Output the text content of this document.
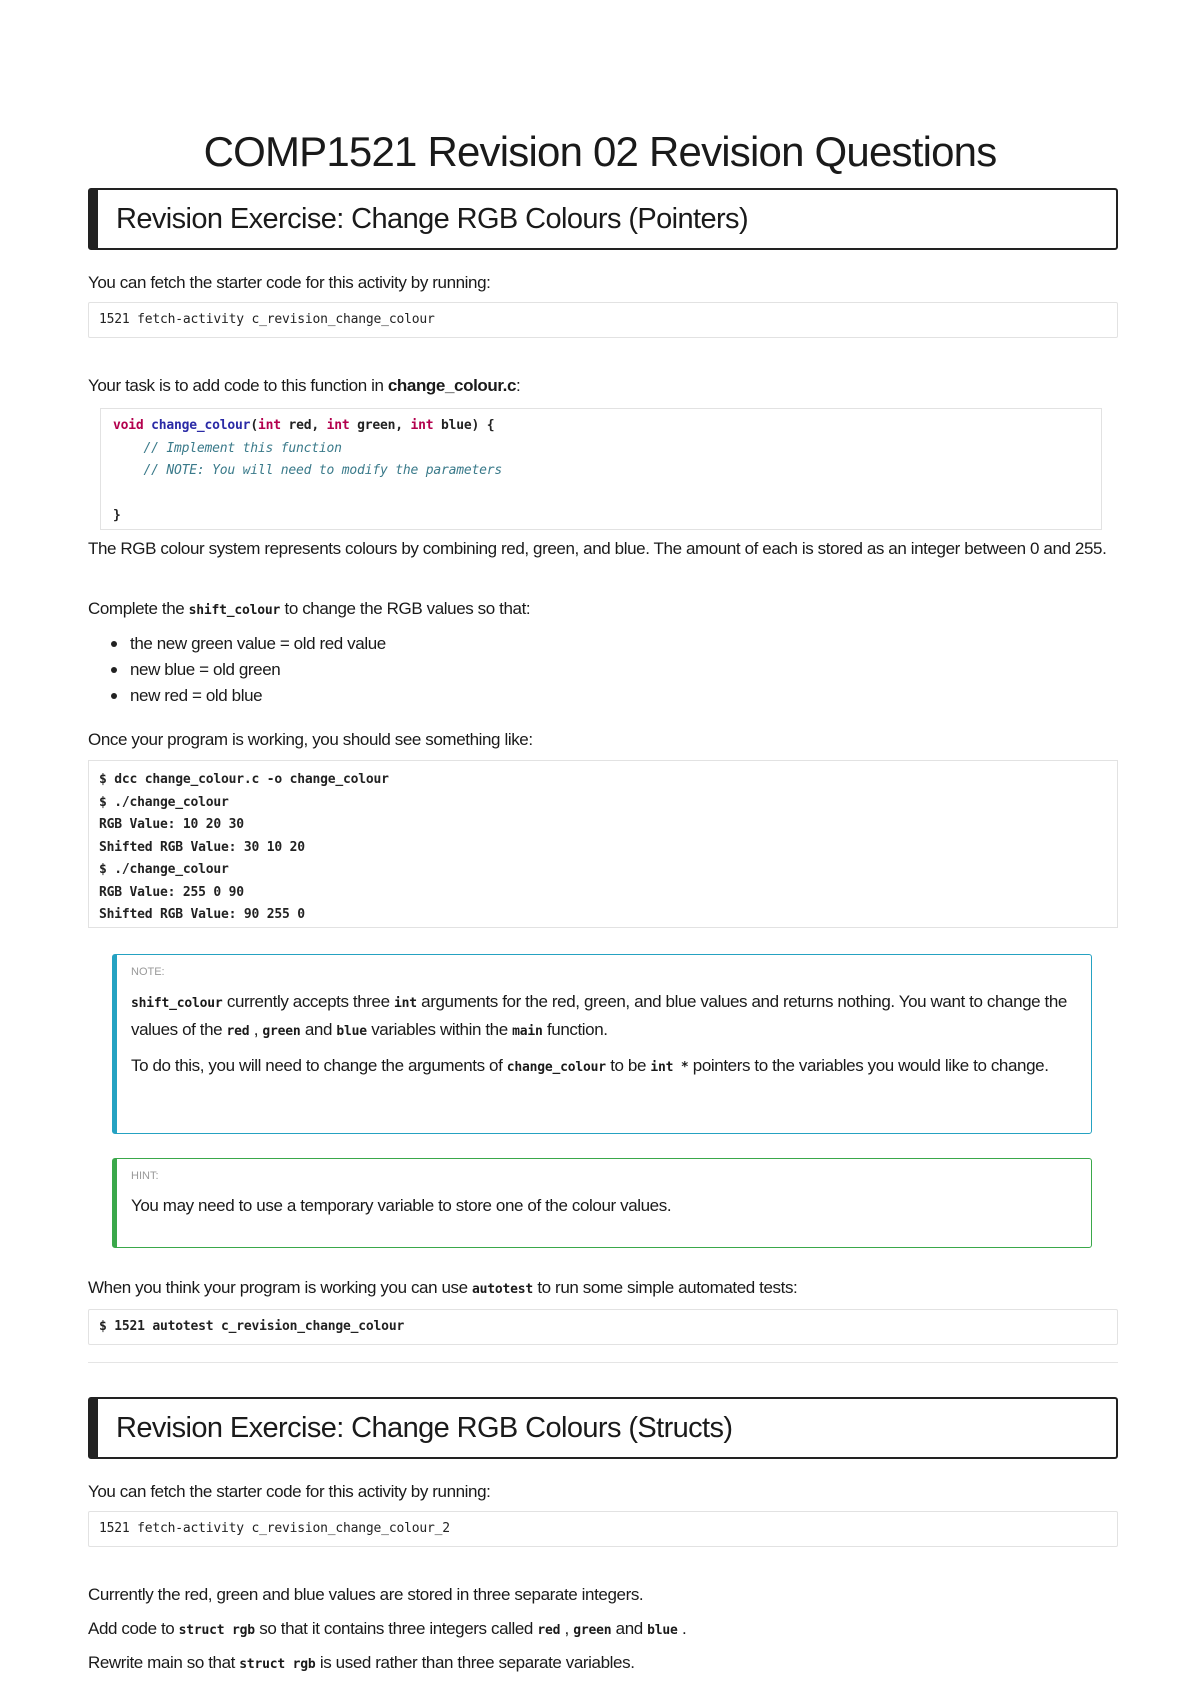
COMP1521 Revision 02 Revision Questions
Revision Exercise: Change RGB Colours (Pointers)

You can fetch the starter code for this activity by running:

1521 fetch-activity c_revision_change_colour

Your task is to add code to this function in change_colour.c:

void change_colour(int red, int green, int blue) {
// Implement this function
// NOTE: You will need to modify the parameters

}

The RGB colour system represents colours by combining red, green, and blue. The amount of each is stored as an integer between 0 and 255.

Complete the shift_colour to change the RGB values so that:

the new green value = old red value
new blue = old green
new red = old blue

Once your program is working, you should see something like:

$ dcc change_colour.c -o change_colour
$ ./change_colour
RGB Value: 10 20 30
Shifted RGB Value: 30 10 20
$ ./change_colour
RGB Value: 255 0 90
Shifted RGB Value: 90 255 0
NOTE:
shift_colour currently accepts three int arguments for the red, green, and blue values and returns nothing. You want to change the values of the red , green and blue variables within the main function.
To do this, you will need to change the arguments of change_colour to be int * pointers to the variables you would like to change.
HINT:
You may need to use a temporary variable to store one of the colour values.

When you think your program is working you can use autotest to run some simple automated tests:

$ 1521 autotest c_revision_change_colour
Revision Exercise: Change RGB Colours (Structs)

You can fetch the starter code for this activity by running:

1521 fetch-activity c_revision_change_colour_2

Currently the red, green and blue values are stored in three separate integers.

Add code to struct rgb so that it contains three integers called red , green and blue .

Rewrite main so that struct rgb is used rather than three separate variables.
